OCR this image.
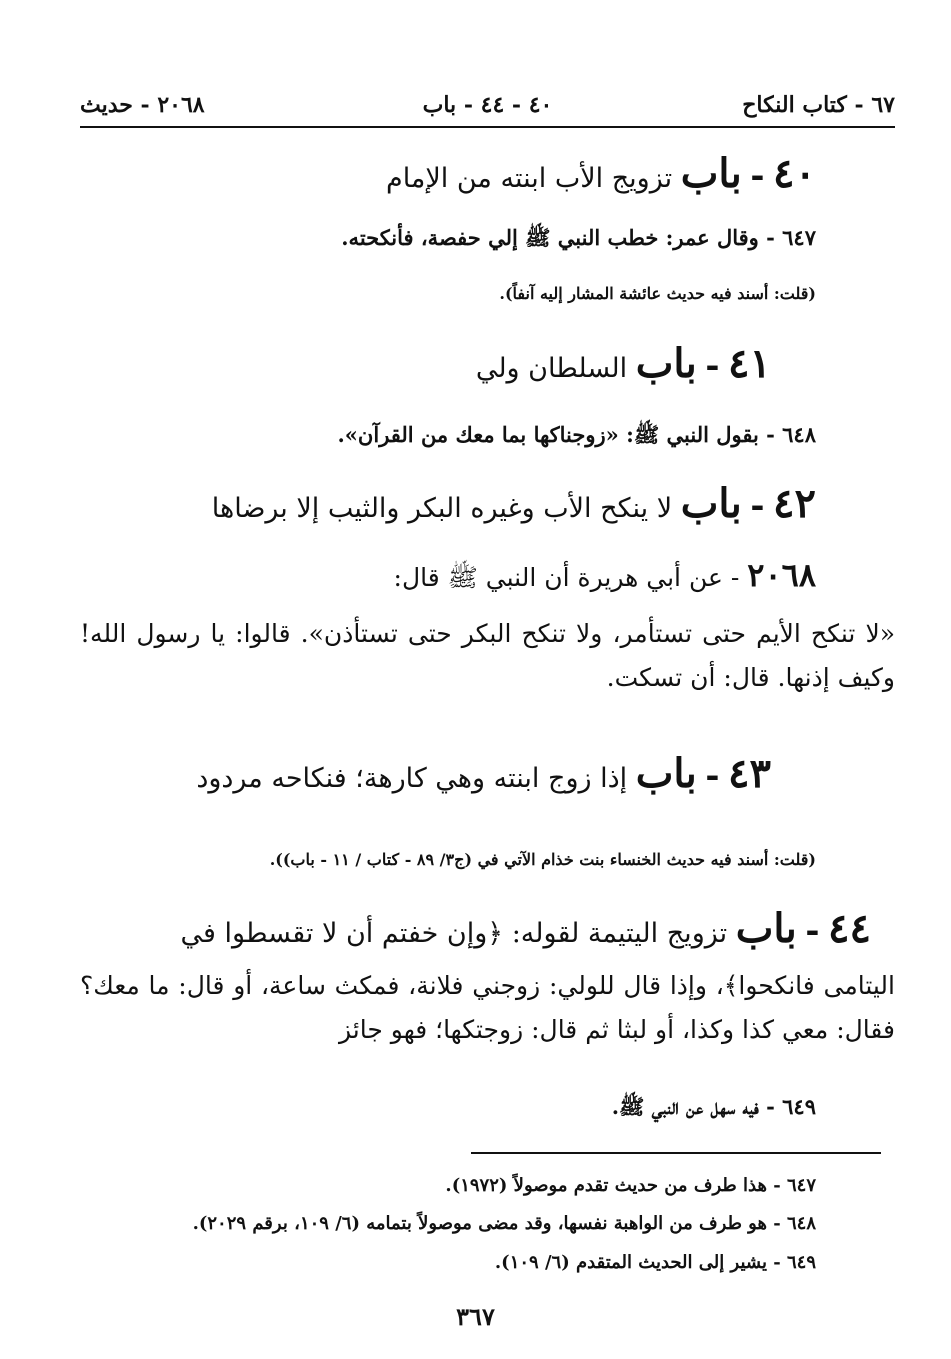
٦٧ - كتاب النكاح
٤٠ - ٤٤ - باب
٢٠٦٨ - حديث
٤٠ - باب تزويج الأب ابنته من الإمام
٦٤٧ - وقال عمر: خطب النبي ﷺ إلي حفصة، فأنكحته.
(قلت: أسند فيه حديث عائشة المشار إليه آنفاً).
٤١ - باب السلطان ولي
٦٤٨ - بقول النبي ﷺ: «زوجناكها بما معك من القرآن».
٤٢ - باب لا ينكح الأب وغيره البكر والثيب إلا برضاها
٢٠٦٨ - عن أبي هريرة أن النبي ﷺ قال:
«لا تنكح الأيم حتى تستأمر، ولا تنكح البكر حتى تستأذن». قالوا: يا رسول الله! وكيف إذنها. قال: أن تسكت.
٤٣ - باب إذا زوج ابنته وهي كارهة؛ فنكاحه مردود
(قلت: أسند فيه حديث الخنساء بنت خذام الآتي في (ج٣/ ٨٩ - كتاب / ١١ - باب)).
٤٤ - باب تزويج اليتيمة لقوله: ﴿وإن خفتم أن لا تقسطوا في
اليتامى فانكحوا﴾، وإذا قال للولي: زوجني فلانة، فمكث ساعة، أو قال: ما معك؟ فقال: معي كذا وكذا، أو لبثا ثم قال: زوجتكها؛ فهو جائز
٦٤٩ - فيه سهل عن النبي ﷺ.
٦٤٧ - هذا طرف من حديث تقدم موصولاً (١٩٧٢).
٦٤٨ - هو طرف من الواهبة نفسها، وقد مضى موصولاً بتمامه (٦/ ١٠٩، برقم ٢٠٢٩).
٦٤٩ - يشير إلى الحديث المتقدم (٦/ ١٠٩).
٣٦٧
